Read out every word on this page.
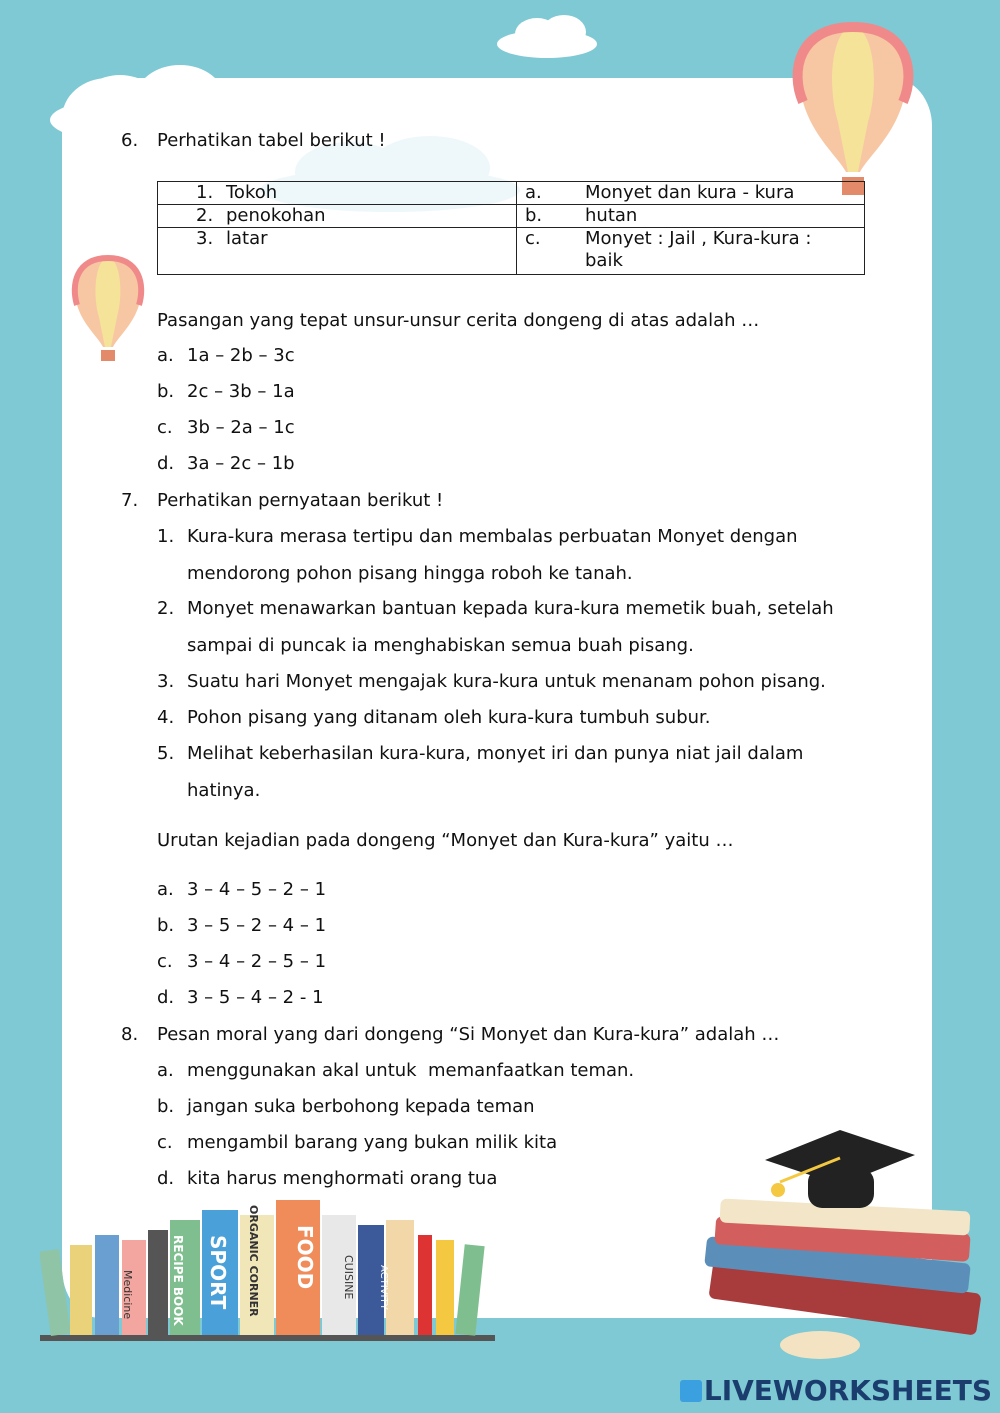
RECIPE BOOK SPORT ORGANIC CORNER FOOD CUISINE
Medicine	ACTIVITY
6. Perhatikan tabel berikut !
1. Tokoh	a. Monyet dan kura - kura
2. penokohan	b. hutan
3. latar	c. Monyet : Jail , Kura-kura :
baik
Pasangan yang tepat unsur-unsur cerita dongeng di atas adalah …
a. 1a – 2b – 3c
b. 2c – 3b – 1a
c. 3b – 2a – 1c
d. 3a – 2c – 1b
7. Perhatikan pernyataan berikut !
1. Kura-kura merasa tertipu dan membalas perbuatan Monyet dengan
mendorong pohon pisang hingga roboh ke tanah.
2. Monyet menawarkan bantuan kepada kura-kura memetik buah, setelah
sampai di puncak ia menghabiskan semua buah pisang.
3. Suatu hari Monyet mengajak kura-kura untuk menanam pohon pisang.
4. Pohon pisang yang ditanam oleh kura-kura tumbuh subur.
5. Melihat keberhasilan kura-kura, monyet iri dan punya niat jail dalam
hatinya.
Urutan kejadian pada dongeng “Monyet dan Kura-kura” yaitu …
a. 3 – 4 – 5 – 2 – 1
b. 3 – 5 – 2 – 4 – 1
c. 3 – 4 – 2 – 5 – 1
d. 3 – 5 – 4 – 2 - 1
8. Pesan moral yang dari dongeng “Si Monyet dan Kura-kura” adalah …
a. menggunakan akal untuk  memanfaatkan teman.
b. jangan suka berbohong kepada teman
c. mengambil barang yang bukan milik kita
d. kita harus menghormati orang tua
LIVEWORKSHEETS
